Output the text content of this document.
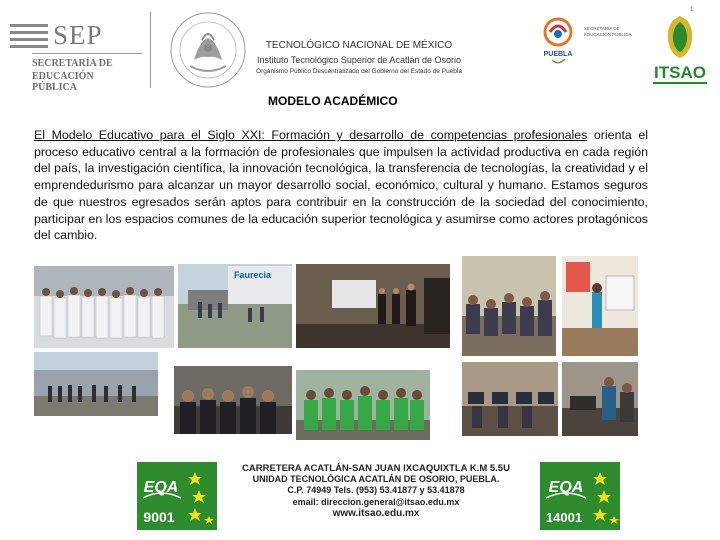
1
SEP
SECRETARÍA DE
EDUCACIÓN PÚBLICA
TECNOLÓGICO NACIONAL DE MÉXICO
Instituto Tecnológico Superior de Acatlán de Osorio
Organismo Público Descentralizado del Gobierno del Estado de Puebla
PUEBLA
SECRETARÍA DE EDUCACIÓN PÚBLICA
ITSAO
MODELO ACADÉMICO

El Modelo Educativo para el Siglo XXI: Formación y desarrollo de competencias profesionales orienta el proceso educativo central a la formación de profesionales que impulsen la actividad productiva en cada región del país, la investigación científica, la innovación tecnológica, la transferencia de tecnologías, la creatividad y el emprendedurismo para alcanzar un mayor desarrollo social, económico, cultural y humano. Estamos seguros de que nuestros egresados serán aptos para contribuir en la construcción de la sociedad del conocimiento, participar en los espacios comunes de la educación superior tecnológica y asumirse como actores protagónicos del cambio.

Faurecia
EQA
9001
CARRETERA ACATLÁN-SAN JUAN IXCAQUIXTLA K.M 5.5U
UNIDAD TECNOLÓGICA ACATLÁN DE OSORIO, PUEBLA.
C.P. 74949 Tels. (953) 53.41877 y 53.41878
email: direccion.general@itsao.edu.mx
www.itsao.edu.mx
EQA
14001
